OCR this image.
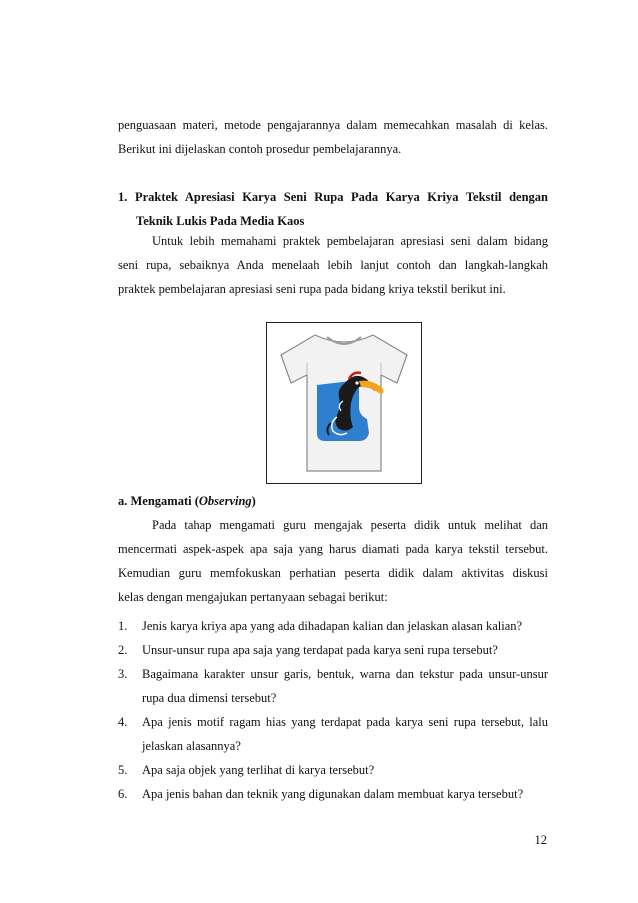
penguasaan materi, metode pengajarannya dalam memecahkan masalah di kelas.
Berikut ini dijelaskan contoh prosedur pembelajarannya.
1. Praktek Apresiasi Karya Seni Rupa Pada Karya Kriya Tekstil dengan
Teknik Lukis Pada Media Kaos
Untuk lebih memahami praktek pembelajaran apresiasi seni dalam bidang
seni rupa, sebaiknya Anda menelaah lebih lanjut contoh dan langkah-langkah
praktek pembelajaran apresiasi seni rupa pada bidang kriya tekstil berikut ini.
a. Mengamati (Observing)
Pada tahap mengamati guru mengajak peserta didik untuk melihat dan
mencermati aspek-aspek apa saja yang harus diamati pada karya tekstil tersebut.
Kemudian guru memfokuskan perhatian peserta didik dalam aktivitas diskusi
kelas dengan mengajukan pertanyaan sebagai berikut:
1. Jenis karya kriya apa yang ada dihadapan kalian dan jelaskan alasan kalian?
2. Unsur-unsur rupa apa saja yang terdapat pada karya seni rupa tersebut?
3. Bagaimana karakter unsur garis, bentuk, warna dan tekstur pada unsur-unsur
rupa dua dimensi tersebut?
4. Apa jenis motif ragam hias yang terdapat pada karya seni rupa tersebut, lalu
jelaskan alasannya?
5. Apa saja objek yang terlihat di karya tersebut?
6. Apa jenis bahan dan teknik yang digunakan dalam membuat karya tersebut?
12
